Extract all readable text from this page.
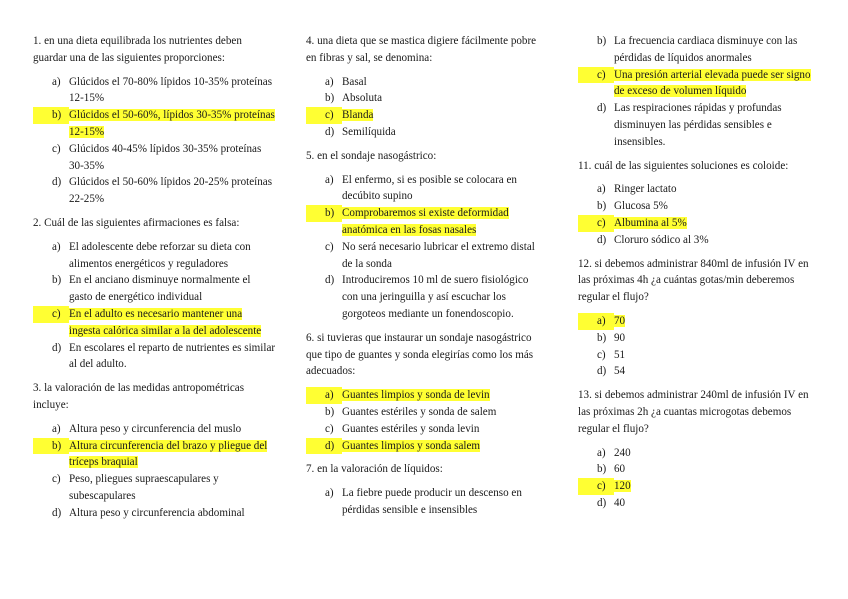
1. en una dieta equilibrada los nutrientes deben guardar una de las siguientes proporciones:

a) Glúcidos el 70-80% lípidos 10-35% proteínas 12-15%
b) Glúcidos el 50-60%, lípidos 30-35% proteínas 12-15%
c) Glúcidos 40-45% lípidos 30-35% proteínas 30-35%
d) Glúcidos el 50-60% lípidos 20-25% proteínas 22-25%

2. Cuál de las siguientes afirmaciones es falsa:

a) El adolescente debe reforzar su dieta con alimentos energéticos y reguladores
b) En el anciano disminuye normalmente el gasto de energético individual
c) En el adulto es necesario mantener una ingesta calórica similar a la del adolescente
d) En escolares el reparto de nutrientes es similar al del adulto.

3. la valoración de las medidas antropométricas incluye:

a) Altura peso y circunferencia del muslo
b) Altura circunferencia del brazo y pliegue del tríceps braquial
c) Peso, pliegues supraescapulares y subescapulares
d) Altura peso y circunferencia abdominal

4. una dieta que se mastica digiere fácilmente pobre en fibras y sal, se denomina:

a) Basal
b) Absoluta
c) Blanda
d) Semilíquida

5. en el sondaje nasogástrico:

a) El enfermo, si es posible se colocara en decúbito supino
b) Comprobaremos si existe deformidad anatómica en las fosas nasales
c) No será necesario lubricar el extremo distal de la sonda
d) Introduciremos 10 ml de suero fisiológico con una jeringuilla y así escuchar los gorgoteos mediante un fonendoscopio.

6. si tuvieras que instaurar un sondaje nasogástrico que tipo de guantes y sonda elegirías como los más adecuados:

a) Guantes limpios y sonda de levin
b) Guantes estériles y sonda de salem
c) Guantes estériles y sonda levin
d) Guantes limpios y sonda salem

7. en la valoración de líquidos:

a) La fiebre puede producir un descenso en pérdidas sensible e insensibles
b) La frecuencia cardiaca disminuye con las pérdidas de líquidos anormales
c) Una presión arterial elevada puede ser signo de exceso de volumen líquido
d) Las respiraciones rápidas y profundas disminuyen las pérdidas sensibles e insensibles.

11. cuál de las siguientes soluciones es coloide:

a) Ringer lactato
b) Glucosa 5%
c) Albumina al 5%
d) Cloruro sódico al 3%

12. si debemos administrar 840ml de infusión IV en las próximas 4h ¿a cuántas gotas/min deberemos regular el flujo?

a) 70
b) 90
c) 51
d) 54

13. si debemos administrar 240ml de infusión IV en las próximas 2h ¿a cuantas microgotas debemos regular el flujo?

a) 240
b) 60
c) 120
d) 40
